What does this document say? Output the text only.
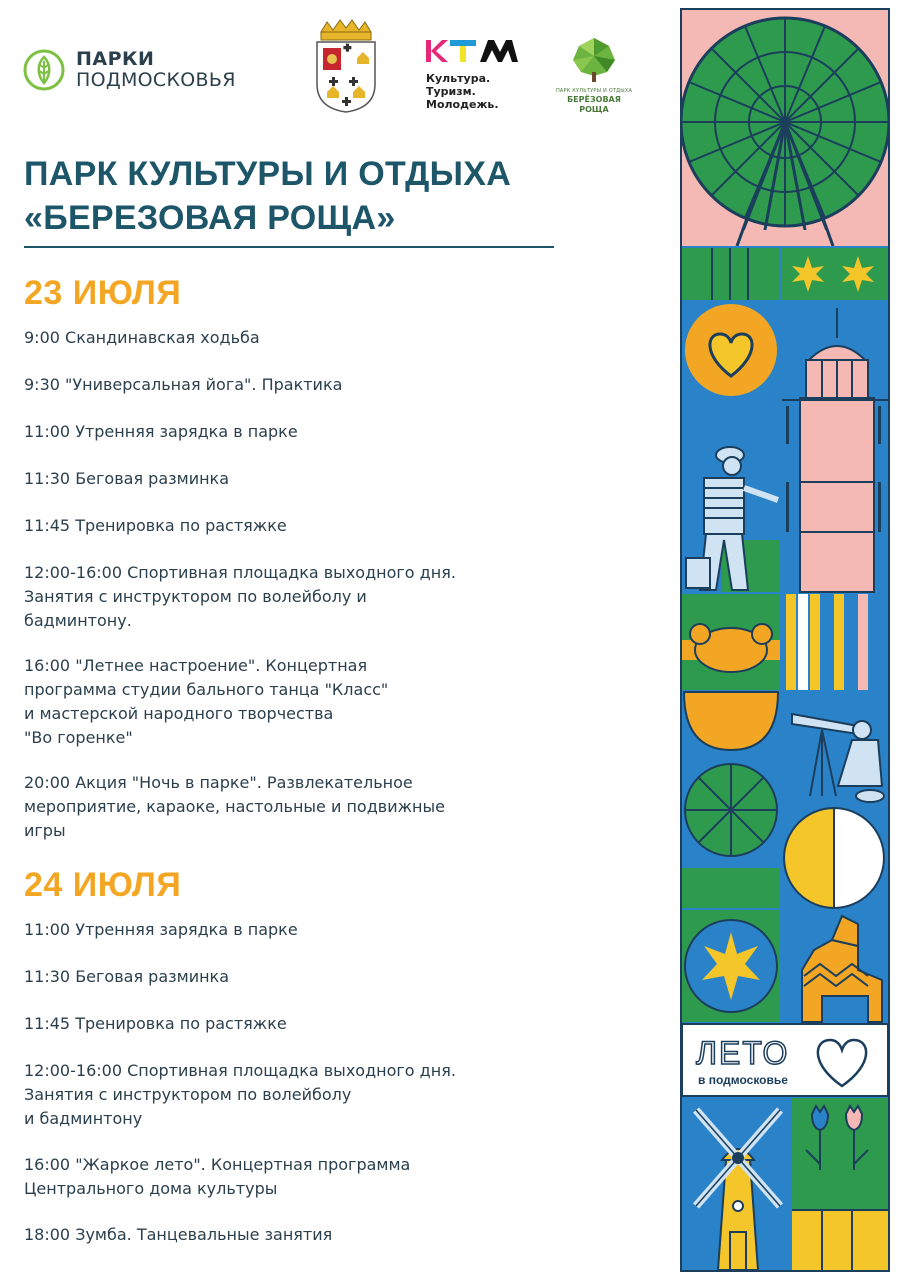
ПАРКИ
ПОДМОСКОВЬЯ	Культура.
Туризм.
Молодежь.
ПАРК КУЛЬТУРЫ И ОТДЫХА
БЕРЁЗОВАЯ РОЩА
ПАРК КУЛЬТУРЫ И ОТДЫХА
«БЕРЕЗОВАЯ РОЩА»
23 ИЮЛЯ
9:00 Скандинавская ходьба
9:30 "Универсальная йога". Практика
11:00 Утренняя зарядка в парке
11:30 Беговая разминка
11:45 Тренировка по растяжке
12:00-16:00 Спортивная площадка выходного дня.
Занятия с инструктором по волейболу и
бадминтону.
16:00 "Летнее настроение". Концертная
программа студии бального танца "Класс"
и мастерской народного творчества
"Во горенке"
20:00 Акция "Ночь в парке". Развлекательное
мероприятие, караоке, настольные и подвижные
игры
24 ИЮЛЯ
11:00 Утренняя зарядка в парке
11:30 Беговая разминка
11:45 Тренировка по растяжке
12:00-16:00 Спортивная площадка выходного дня.
Занятия с инструктором по волейболу
и бадминтону
16:00 "Жаркое лето". Концертная программа
Центрального дома культуры
18:00 Зумба. Танцевальные занятия
ЛЕТО
в подмосковье
